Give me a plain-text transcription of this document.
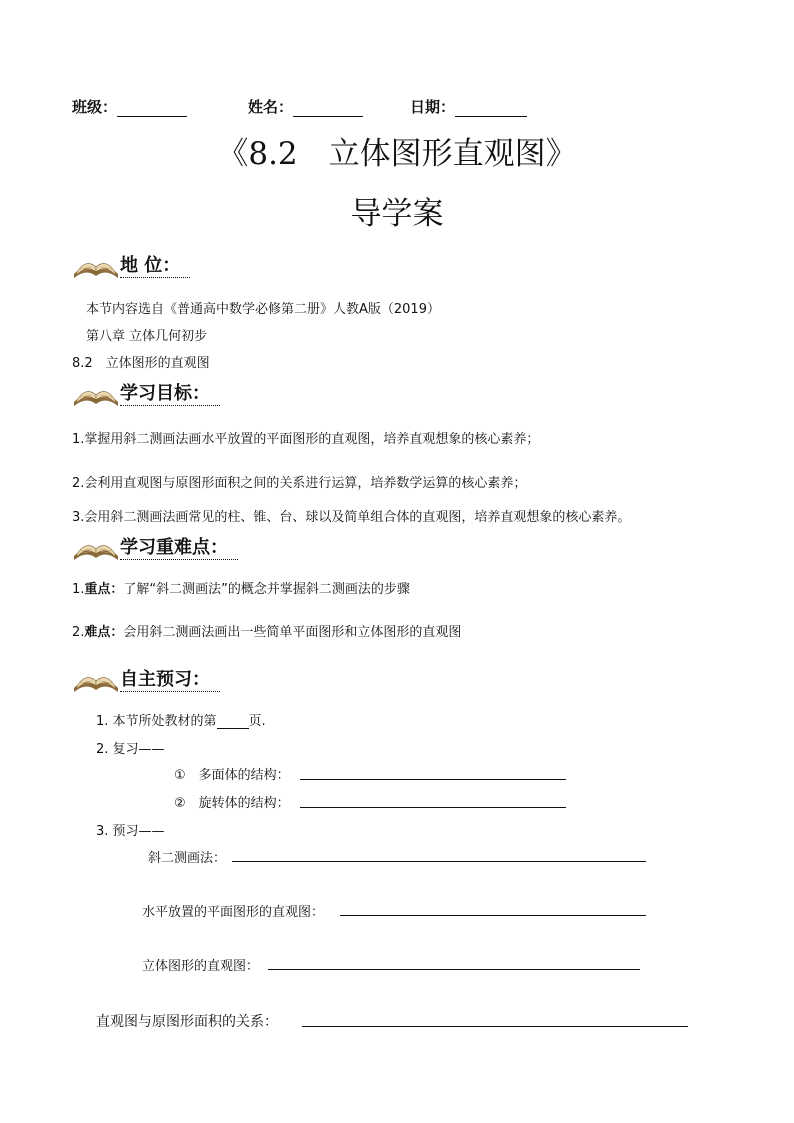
班级：	姓名：	日期：
《8.2　立体图形直观图》
导学案
地 位：
本节内容选自《普通高中数学必修第二册》人教A版（2019）
第八章 立体几何初步
8.2　立体图形的直观图
学习目标：
1.掌握用斜二测画法画水平放置的平面图形的直观图，培养直观想象的核心素养；
2.会利用直观图与原图形面积之间的关系进行运算，培养数学运算的核心素养；
3.会用斜二测画法画常见的柱、锥、台、球以及简单组合体的直观图，培养直观想象的核心素养。
学习重难点：
1.重点：了解“斜二测画法”的概念并掌握斜二测画法的步骤
2.难点：会用斜二测画法画出一些简单平面图形和立体图形的直观图
自主预习：
1. 本节所处教材的第 页.
2. 复习——
①　多面体的结构：
②　旋转体的结构：
3. 预习——
斜二测画法：
水平放置的平面图形的直观图：
立体图形的直观图：
直观图与原图形面积的关系：
